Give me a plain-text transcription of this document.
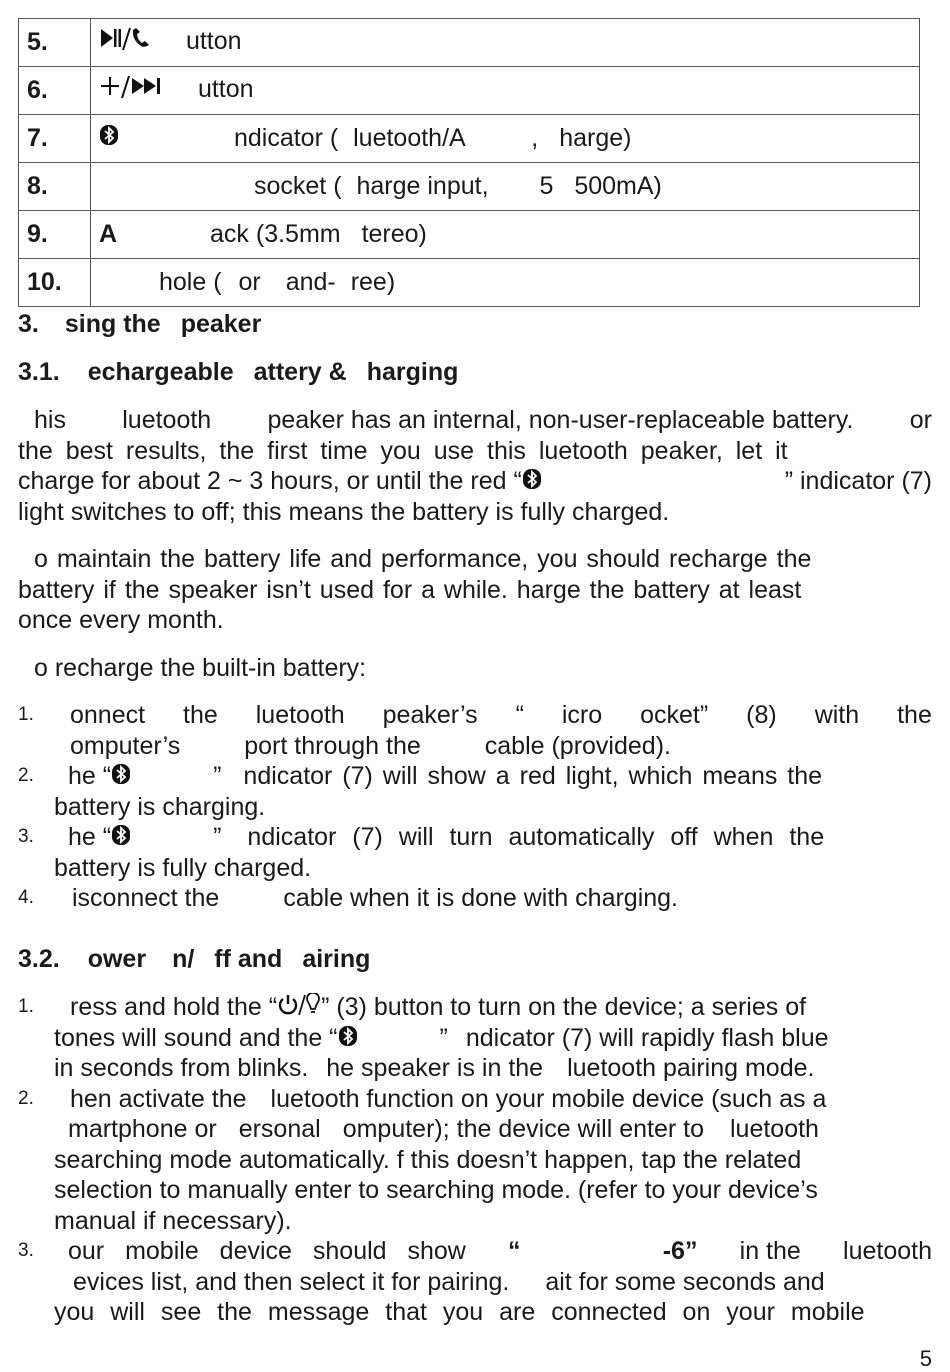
5.	utton
6.	utton
7.	ndicator ( luetooth/A , harge)
8.	socket ( harge input, 5 500mA)
9.	A ack (3.5mm tereo)
10.	hole ( or and- ree)
3. sing the peaker
3.1. echargeable attery & harging
his luetooth peaker has an internal, non-user-replaceable battery. or
the best results, the first time you use this luetooth peaker, let it
charge for about 2 ~ 3 hours, or until the red “	” indicator (7)
light switches to off; this means the battery is fully charged.
o maintain the battery life and performance, you should recharge the
battery if the speaker isn’t used for a while. harge the battery at least
once every month.
o recharge the built-in battery:
1. onnect the luetooth peaker’s “ icro ocket” (8) with the
omputer’s	port through the	cable (provided).
2.	he “	” ndicator (7) will show a red light, which means the
battery is charging.
3.	he “	” ndicator (7) will turn automatically off when the
battery is fully charged.
4.	isconnect the	cable when it is done with charging.
3.2. ower n/ ff and airing
1.	ress and hold the “ ” (3) button to turn on the device; a series of
tones will sound and the “	” ndicator (7) will rapidly flash blue
in seconds from blinks. he speaker is in the luetooth pairing mode.
2.	hen activate the luetooth function on your mobile device (such as a
martphone or ersonal omputer); the device will enter to luetooth
searching mode automatically. f this doesn’t happen, tap the related
selection to manually enter to searching mode. (refer to your device’s
manual if necessary).
3. our mobile device should show “	-6” in the luetooth
evices list, and then select it for pairing. ait for some seconds and
you will see the message that you are connected on your mobile
5
